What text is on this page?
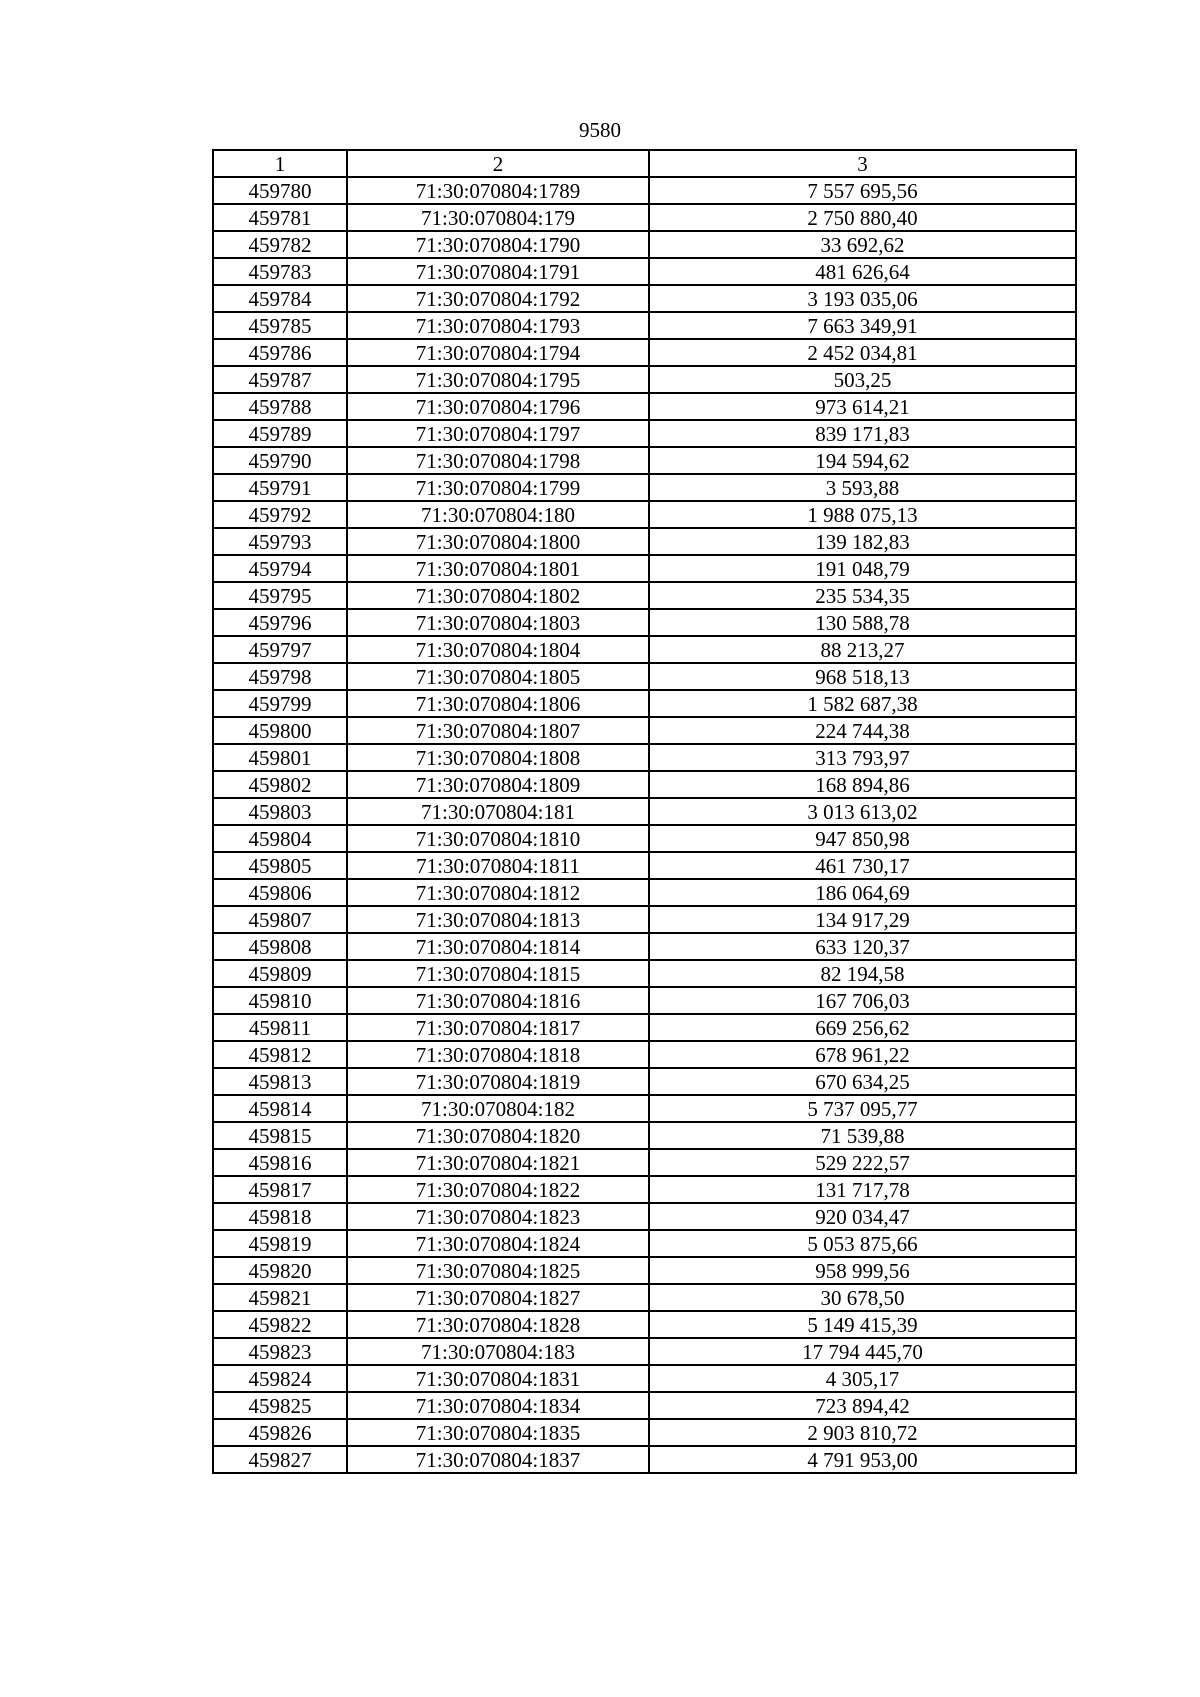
9580
1	2	3
459780	71:30:070804:1789	7 557 695,56
459781	71:30:070804:179	2 750 880,40
459782	71:30:070804:1790	33 692,62
459783	71:30:070804:1791	481 626,64
459784	71:30:070804:1792	3 193 035,06
459785	71:30:070804:1793	7 663 349,91
459786	71:30:070804:1794	2 452 034,81
459787	71:30:070804:1795	503,25
459788	71:30:070804:1796	973 614,21
459789	71:30:070804:1797	839 171,83
459790	71:30:070804:1798	194 594,62
459791	71:30:070804:1799	3 593,88
459792	71:30:070804:180	1 988 075,13
459793	71:30:070804:1800	139 182,83
459794	71:30:070804:1801	191 048,79
459795	71:30:070804:1802	235 534,35
459796	71:30:070804:1803	130 588,78
459797	71:30:070804:1804	88 213,27
459798	71:30:070804:1805	968 518,13
459799	71:30:070804:1806	1 582 687,38
459800	71:30:070804:1807	224 744,38
459801	71:30:070804:1808	313 793,97
459802	71:30:070804:1809	168 894,86
459803	71:30:070804:181	3 013 613,02
459804	71:30:070804:1810	947 850,98
459805	71:30:070804:1811	461 730,17
459806	71:30:070804:1812	186 064,69
459807	71:30:070804:1813	134 917,29
459808	71:30:070804:1814	633 120,37
459809	71:30:070804:1815	82 194,58
459810	71:30:070804:1816	167 706,03
459811	71:30:070804:1817	669 256,62
459812	71:30:070804:1818	678 961,22
459813	71:30:070804:1819	670 634,25
459814	71:30:070804:182	5 737 095,77
459815	71:30:070804:1820	71 539,88
459816	71:30:070804:1821	529 222,57
459817	71:30:070804:1822	131 717,78
459818	71:30:070804:1823	920 034,47
459819	71:30:070804:1824	5 053 875,66
459820	71:30:070804:1825	958 999,56
459821	71:30:070804:1827	30 678,50
459822	71:30:070804:1828	5 149 415,39
459823	71:30:070804:183	17 794 445,70
459824	71:30:070804:1831	4 305,17
459825	71:30:070804:1834	723 894,42
459826	71:30:070804:1835	2 903 810,72
459827	71:30:070804:1837	4 791 953,00
